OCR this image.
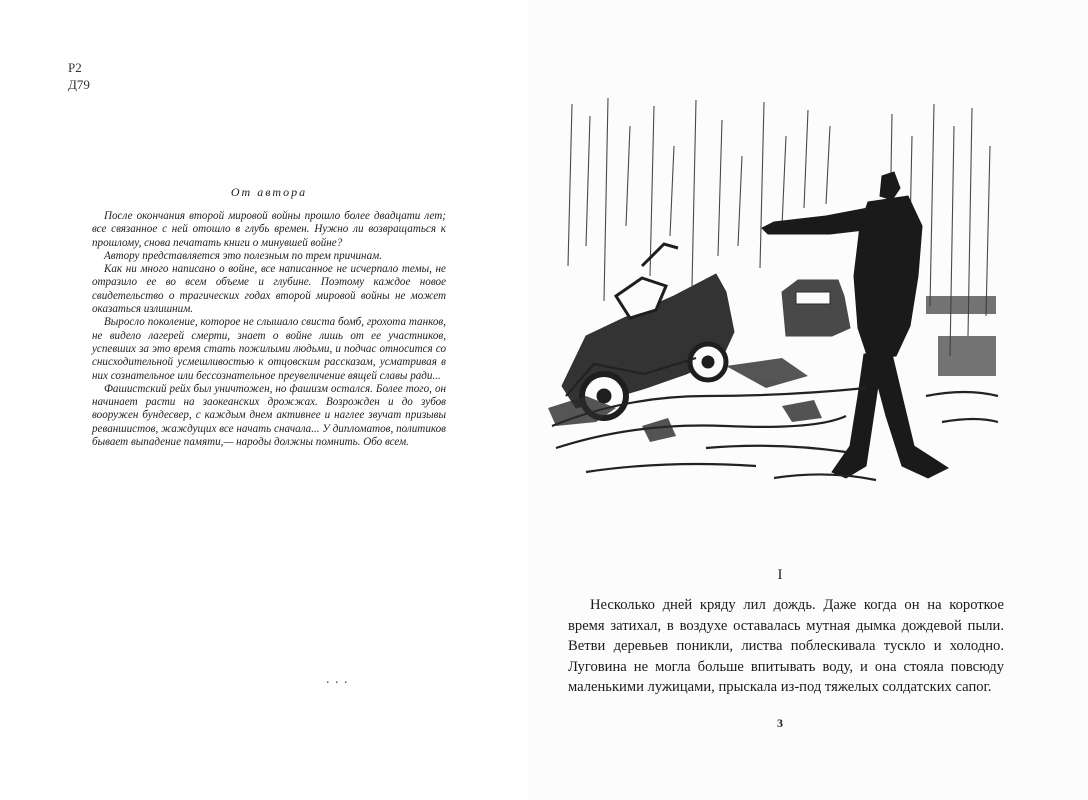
Р2
Д79
От автора

После окончания второй мировой войны прошло более двадцати лет; все связанное с ней отошло в глубь времен. Нужно ли возвращаться к прошлому, снова печатать книги о минувшей войне?

Автору представляется это полезным по трем причинам.

Как ни много написано о войне, все написанное не исчерпало темы, не отразило ее во всем объеме и глубине. Поэтому каждое новое свидетельство о трагических годах второй мировой войны не может оказаться излишним.

Выросло поколение, которое не слышало свиста бомб, грохота танков, не видело лагерей смерти, знает о войне лишь от ее участников, успевших за это время стать пожилыми людьми, и подчас относится со снисходительной усмешливостью к отцовским рассказам, усматривая в них сознательное или бессознательное преувеличение вящей славы ради...

Фашистский рейх был уничтожен, но фашизм остался. Более того, он начинает расти на заокеанских дрожжах. Возрожден и до зубов вооружен бундесвер, с каждым днем активнее и наглее звучат призывы реваншистов, жаждущих все начать сначала... У дипломатов, политиков бывает выпадение памяти,— народы должны помнить. Обо всем.

. . .
I

Несколько дней кряду лил дождь. Даже когда он на короткое время затихал, в воздухе оставалась мутная дымка дождевой пыли. Ветви деревьев поникли, листва поблескивала тускло и холодно. Луговина не могла больше впитывать воду, и она стояла повсюду маленькими лужицами, прыскала из-под тяжелых солдатских сапог.

3
